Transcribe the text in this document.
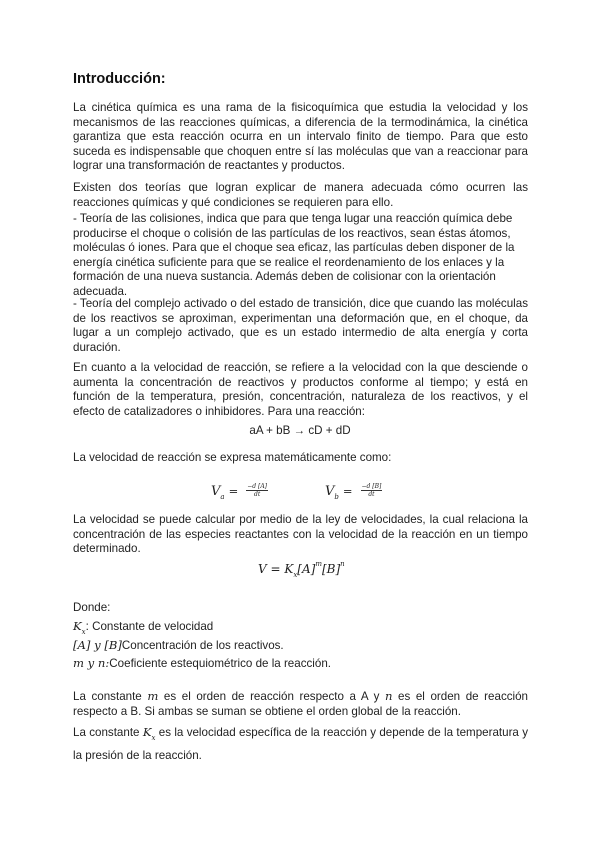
Introducción:

La cinética química es una rama de la fisicoquímica que estudia la velocidad y los mecanismos de las reacciones químicas, a diferencia de la termodinámica, la cinética garantiza que esta reacción ocurra en un intervalo finito de tiempo. Para que esto suceda es indispensable que choquen entre sí las moléculas que van a reaccionar para lograr una transformación de reactantes y productos.

Existen dos teorías que logran explicar de manera adecuada cómo ocurren las reacciones químicas y qué condiciones se requieren para ello.

- Teoría de las colisiones, indica que para que tenga lugar una reacción química debe producirse el choque o colisión de las partículas de los reactivos, sean éstas átomos, moléculas ó iones. Para que el choque sea eficaz, las partículas deben disponer de la energía cinética suficiente para que se realice el reordenamiento de los enlaces y la formación de una nueva sustancia. Además deben de colisionar con la orientación adecuada.

- Teoría del complejo activado o del estado de transición, dice que cuando las moléculas de los reactivos se aproximan, experimentan una deformación que, en el choque, da lugar a un complejo activado, que es un estado intermedio de alta energía y corta duración.

En cuanto a la velocidad de reacción, se refiere a la velocidad con la que desciende o aumenta la concentración de reactivos y productos conforme al tiempo; y está en función de la temperatura, presión, concentración, naturaleza de los reactivos, y el efecto de catalizadores o inhibidores. Para una reacción:

aA + bB → cD + dD

La velocidad de reacción se expresa matemáticamente como:

$V_a = \frac{-d [A]}{dt}$	$V_b = \frac{-d [B]}{dt}$

La velocidad se puede calcular por medio de la ley de velocidades, la cual relaciona la concentración de las especies reactantes con la velocidad de la reacción en un tiempo determinado.

$V = K_x[A]^m[B]^n$

Donde:

$K_x$: Constante de velocidad

[A] y [B]Concentración de los reactivos.

m y n:Coeficiente estequiométrico de la reacción.

La constante m es el orden de reacción respecto a A y n es el orden de reacción respecto a B. Si ambas se suman se obtiene el orden global de la reacción.

La constante $K_x$ es la velocidad específica de la reacción y depende de la temperatura y la presión de la reacción.
